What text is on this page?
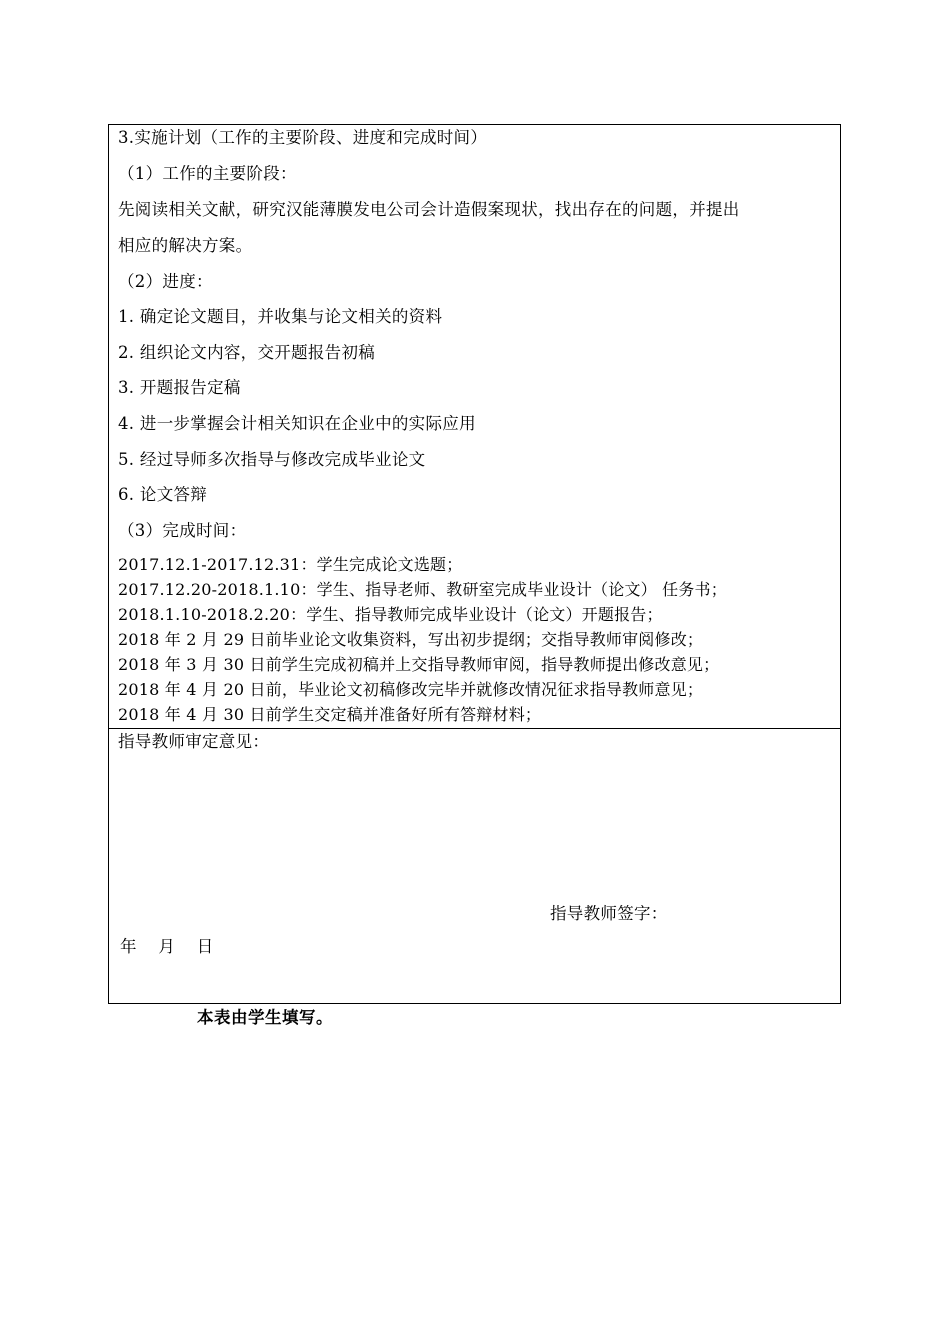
3.实施计划（工作的主要阶段、进度和完成时间）
（1）工作的主要阶段：
先阅读相关文献，研究汉能薄膜发电公司会计造假案现状，找出存在的问题，并提出
相应的解决方案。
（2）进度：
1. 确定论文题目，并收集与论文相关的资料
2. 组织论文内容，交开题报告初稿
3. 开题报告定稿
4. 进一步掌握会计相关知识在企业中的实际应用
5. 经过导师多次指导与修改完成毕业论文
6. 论文答辩
（3）完成时间：
2017.12.1-2017.12.31：学生完成论文选题；
2017.12.20-2018.1.10：学生、指导老师、教研室完成毕业设计（论文） 任务书；
2018.1.10-2018.2.20：学生、指导教师完成毕业设计（论文）开题报告；
2018 年 2 月 29 日前毕业论文收集资料，写出初步提纲；交指导教师审阅修改；
2018 年 3 月 30 日前学生完成初稿并上交指导教师审阅，指导教师提出修改意见；
2018 年 4 月 20 日前，毕业论文初稿修改完毕并就修改情况征求指导教师意见；
2018 年 4 月 30 日前学生交定稿并准备好所有答辩材料；
指导教师审定意见：
指导教师签字：
年 月 日
本表由学生填写。
